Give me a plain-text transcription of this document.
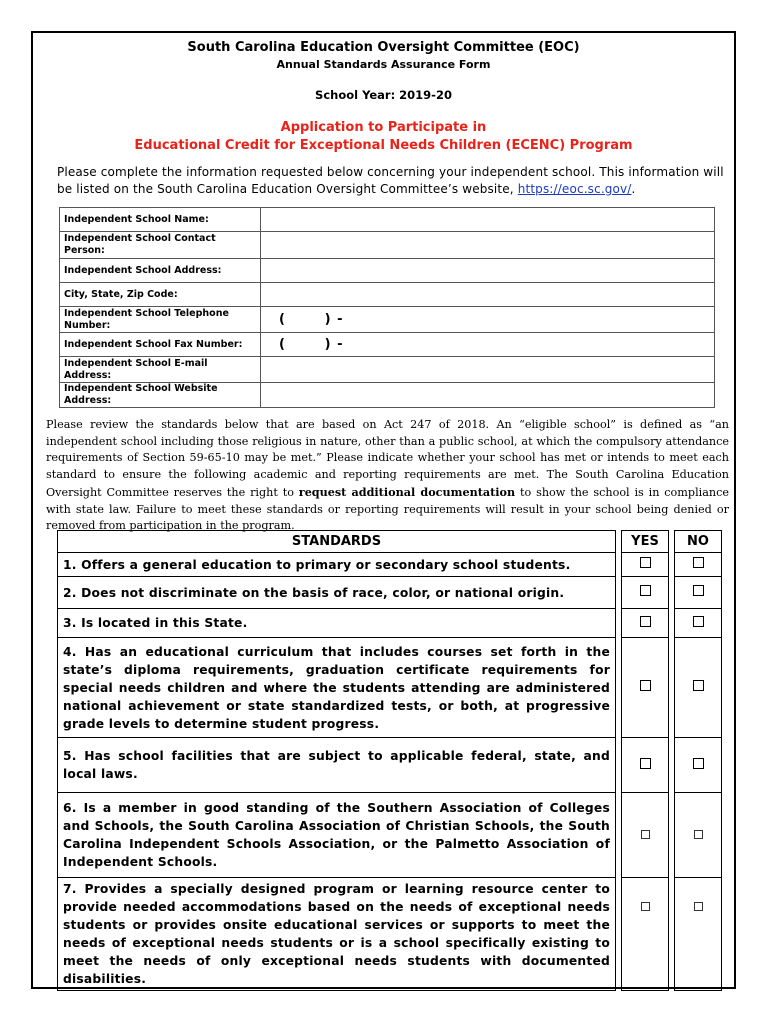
South Carolina Education Oversight Committee (EOC)
Annual Standards Assurance Form
School Year: 2019-20
Application to Participate in
Educational Credit for Exceptional Needs Children (ECENC) Program
Please complete the information requested below concerning your independent school. This information will be listed on the South Carolina Education Oversight Committee’s website, https://eoc.sc.gov/.
Independent School Name:	
Independent School Contact Person:	
Independent School Address:	
City, State, Zip Code:	
Independent School Telephone Number:	(       ) -
Independent School Fax Number:	(       ) -
Independent School E-mail Address:	
Independent School Website Address:	
Please review the standards below that are based on Act 247 of 2018. An “eligible school” is defined as “an independent school including those religious in nature, other than a public school, at which the compulsory attendance requirements of Section 59-65-10 may be met.” Please indicate whether your school has met or intends to meet each standard to ensure the following academic and reporting requirements are met. The South Carolina Education Oversight Committee reserves the right to request additional documentation to show the school is in compliance with state law. Failure to meet these standards or reporting requirements will result in your school being denied or removed from participation in the program.
STANDARDS		YES		NO
1. Offers a general education to primary or secondary school students.				
2. Does not discriminate on the basis of race, color, or national origin.				
3. Is located in this State.				
4. Has an educational curriculum that includes courses set forth in the state’s diploma requirements, graduation certificate requirements for special needs children and where the students attending are administered national achievement or state standardized tests, or both, at progressive grade levels to determine student progress.				
5. Has school facilities that are subject to applicable federal, state, and local laws.				
6. Is a member in good standing of the Southern Association of Colleges and Schools, the South Carolina Association of Christian Schools, the South Carolina Independent Schools Association, or the Palmetto Association of Independent Schools.				
7. Provides a specially designed program or learning resource center to provide needed accommodations based on the needs of exceptional needs students or provides onsite educational services or supports to meet the needs of exceptional needs students or is a school specifically existing to meet the needs of only exceptional needs students with documented disabilities.				
